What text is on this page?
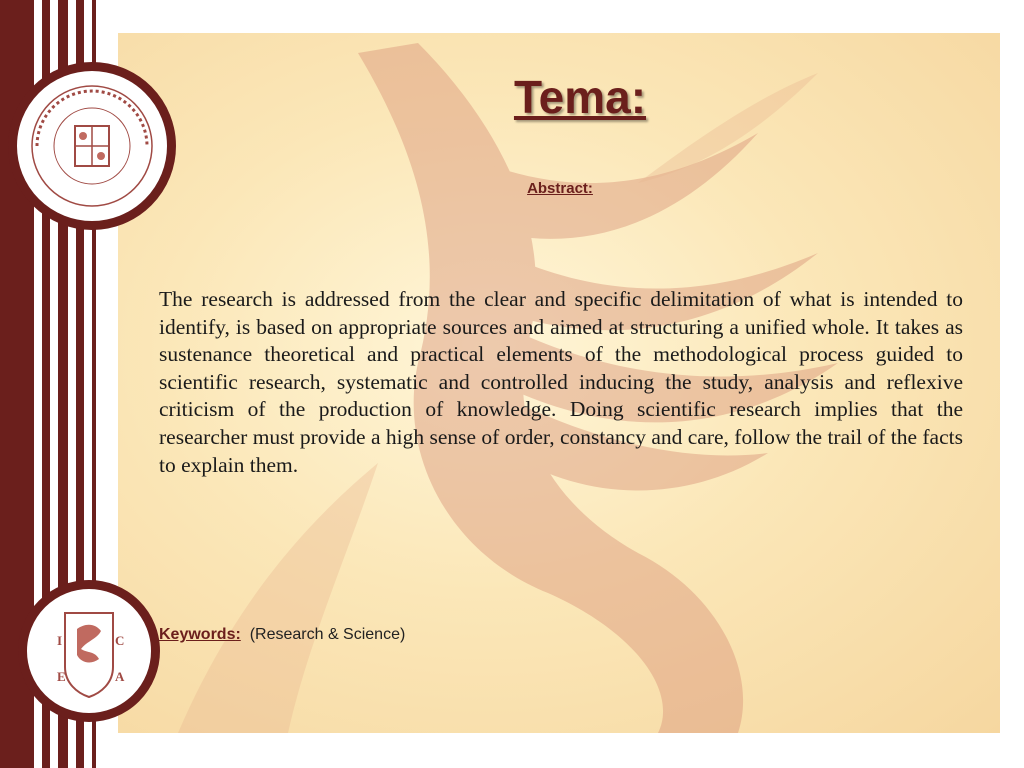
I	C
E	A
Tema:
Abstract:
The research is addressed from the clear and specific delimitation of what is intended to identify, is based on appropriate sources and aimed at structuring a unified whole. It takes as sustenance theoretical and practical elements of the methodological process guided to scientific research, systematic and controlled inducing the study, analysis and reflexive criticism of the production of knowledge. Doing scientific research implies that the researcher must provide a high sense of order, constancy and care, follow the trail of the facts to explain them.
Keywords: (Research & Science)
